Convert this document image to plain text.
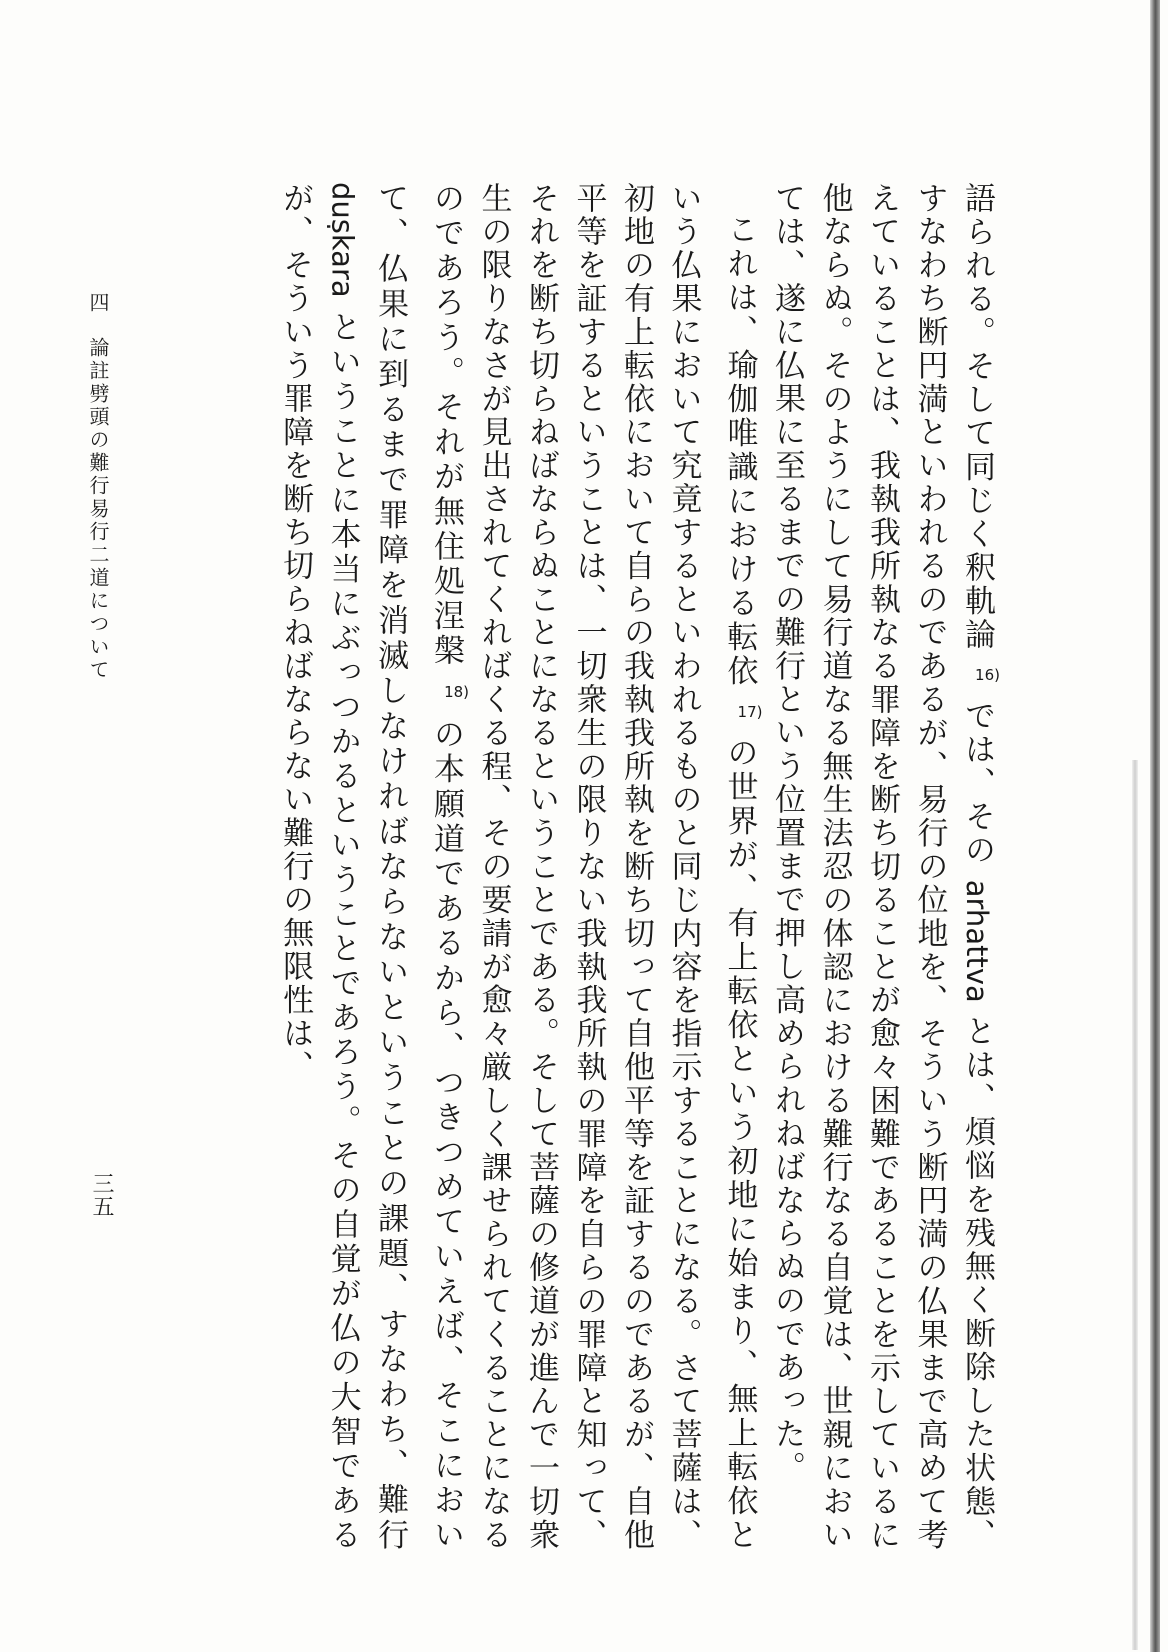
語られる。そして同じく釈軌論16)では、その arhattva とは、煩悩を残無く断除した状態、すなわち断円満といわれるのであるが、易行の位地を、そういう断円満の仏果まで高めて考えていることは、我執我所執なる罪障を断ち切ることが愈々困難であることを示しているに他ならぬ。そのようにして易行道なる無生法忍の体認における難行なる自覚は、世親においては、遂に仏果に至るまでの難行という位置まで押し高められねばならぬのであった。

これは、瑜伽唯識における転依17)の世界が、有上転依という初地に始まり、無上転依という仏果において究竟するといわれるものと同じ内容を指示することになる。さて菩薩は、初地の有上転依において自らの我執我所執を断ち切って自他平等を証するのであるが、自他平等を証するということは、一切衆生の限りない我執我所執の罪障を自らの罪障と知って、それを断ち切らねばならぬことになるということである。そして菩薩の修道が進んで一切衆生の限りなさが見出されてくればくる程、その要請が愈々厳しく課せられてくることになるのであろう。それが無住処涅槃18)の本願道であるから、つきつめていえば、そこにおいて、仏果に到るまで罪障を消滅しなければならないということの課題、すなわち、難行 duṣkara ということに本当にぶっつかるということであろう。その自覚が仏の大智であるが、そういう罪障を断ち切らねばならない難行の無限性は、

四論註劈頭の難行易行二道について
三五
